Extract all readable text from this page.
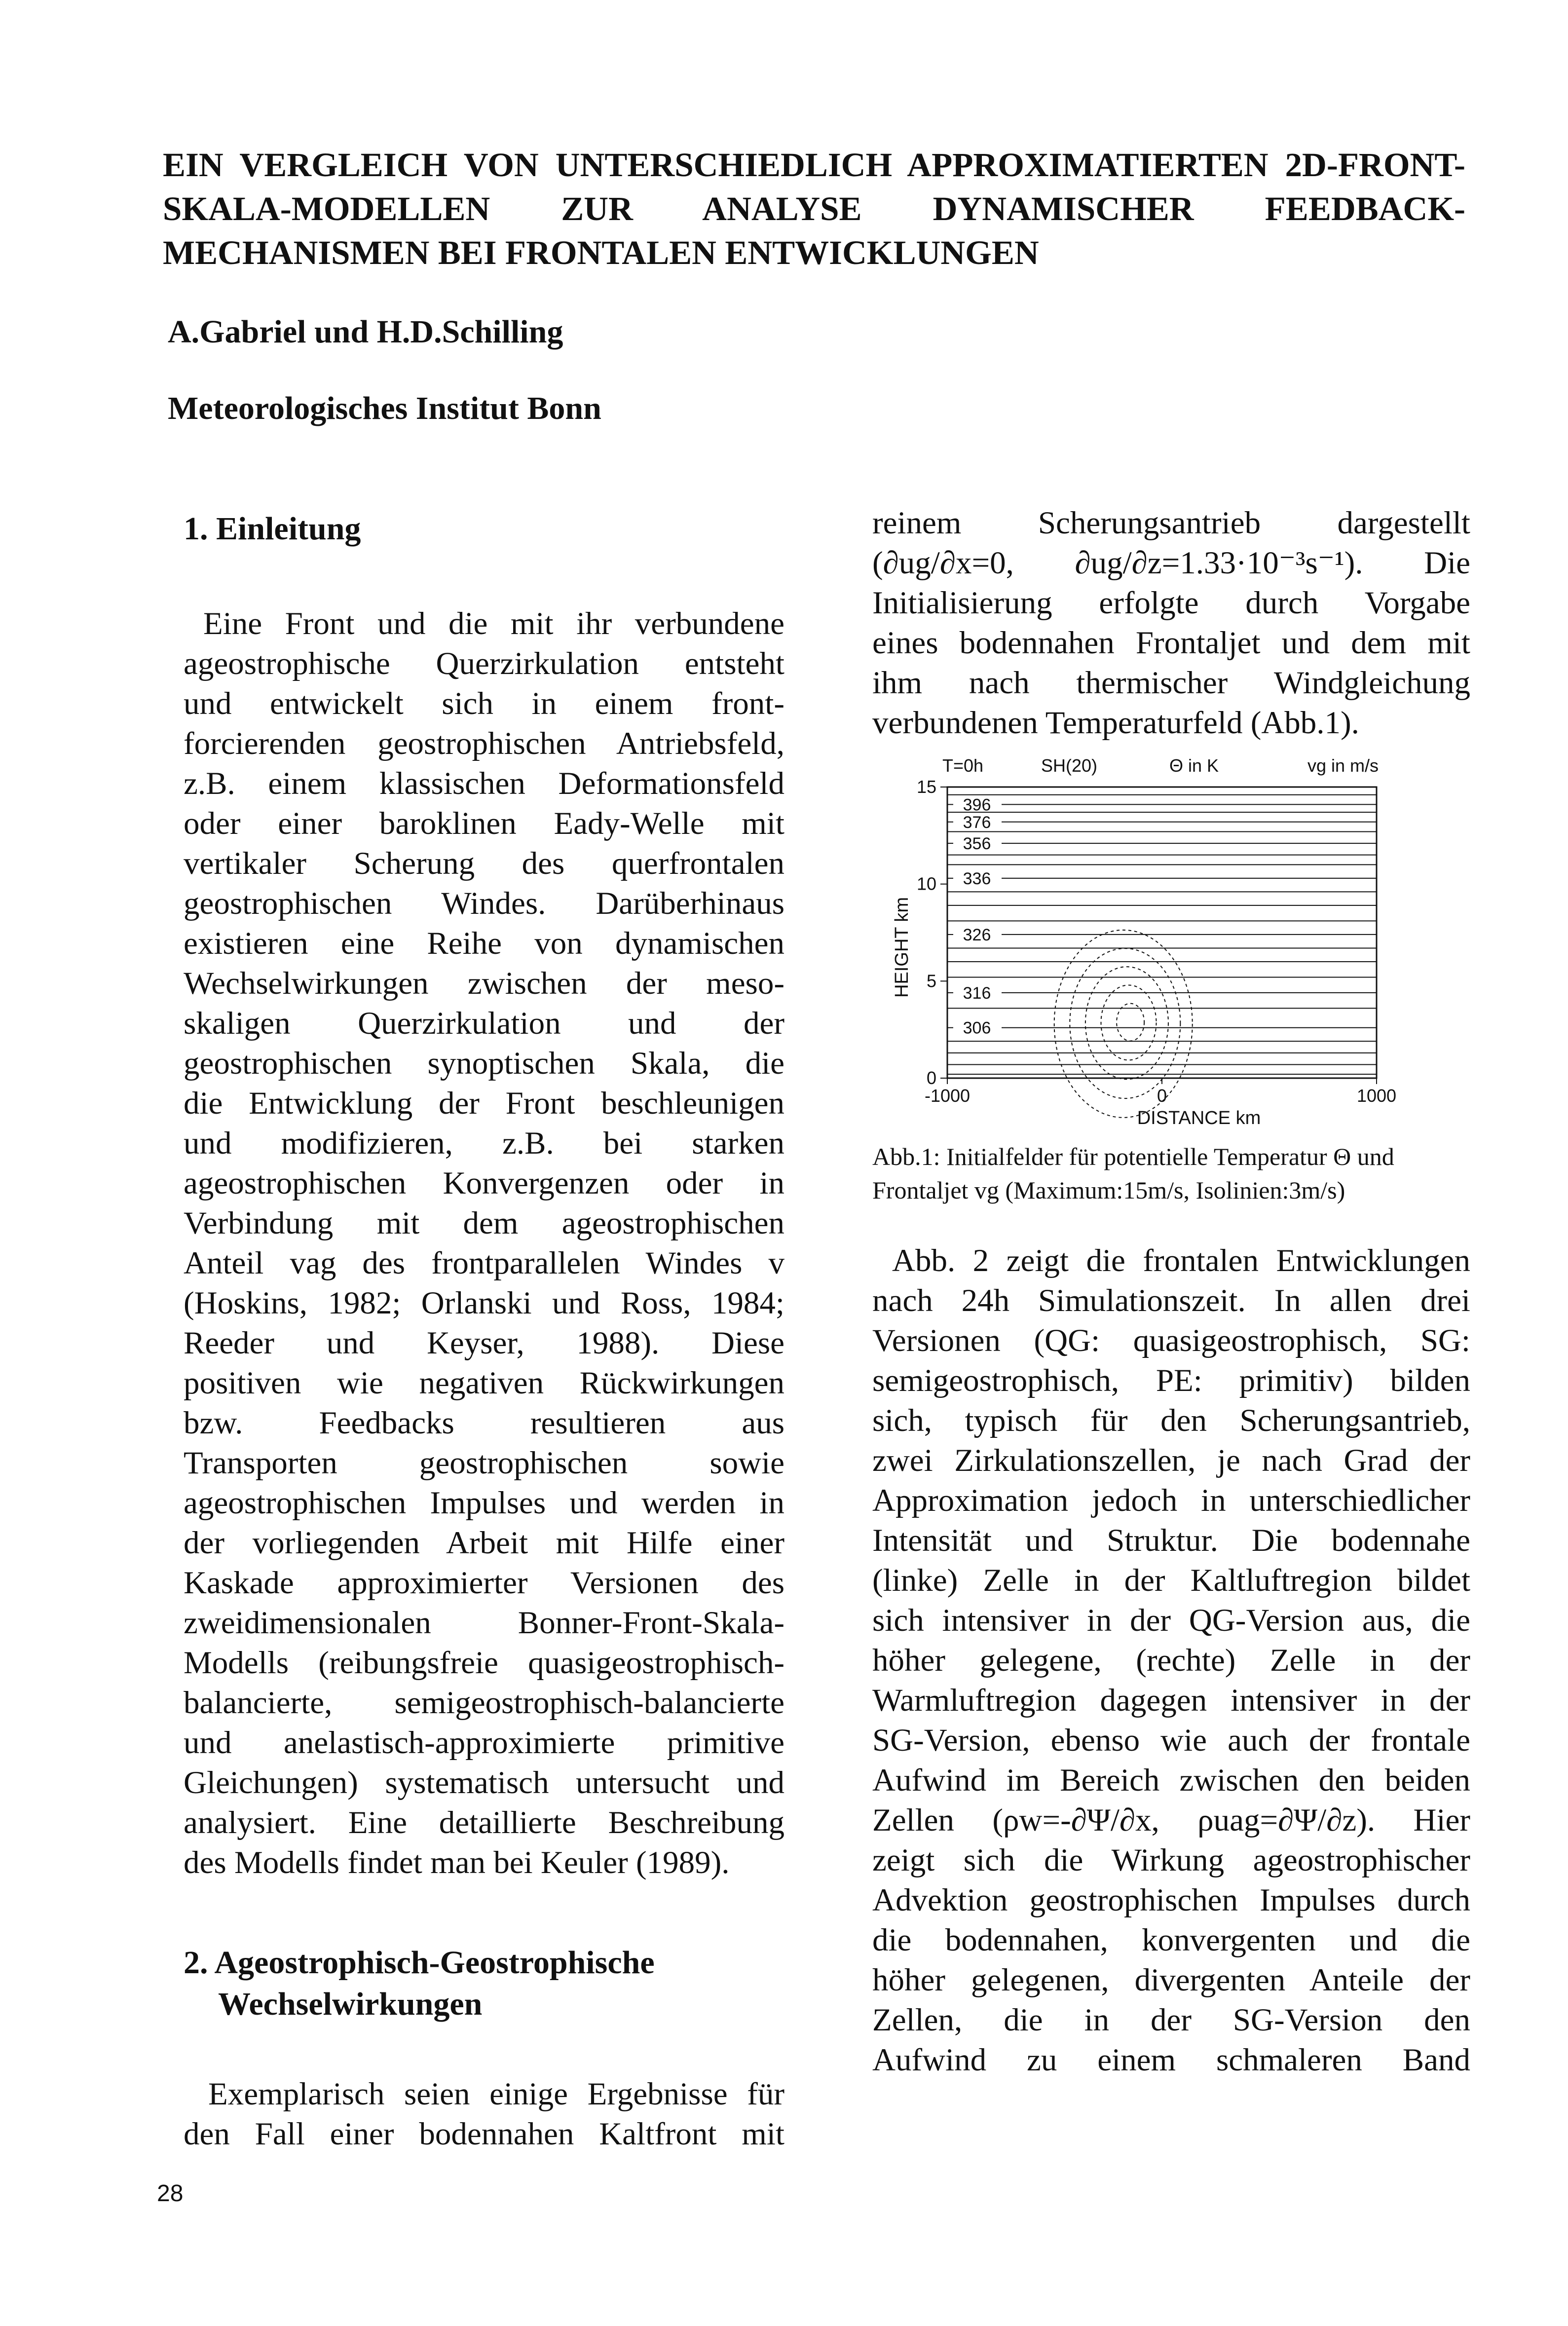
EIN VERGLEICH VON UNTERSCHIEDLICH APPROXIMATIERTEN 2D-FRONT-
SKALA-MODELLEN ZUR ANALYSE DYNAMISCHER FEEDBACK-
MECHANISMEN BEI FRONTALEN ENTWICKLUNGEN

A.Gabriel und H.D.Schilling

Meteorologisches Institut Bonn

1. Einleitung

Eine Front und die mit ihr verbundene
ageostrophische Querzirkulation entsteht
und entwickelt sich in einem front-
forcierenden geostrophischen Antriebsfeld,
z.B. einem klassischen Deformationsfeld
oder einer baroklinen Eady-Welle mit
vertikaler Scherung des querfrontalen
geostrophischen Windes. Darüberhinaus
existieren eine Reihe von dynamischen
Wechselwirkungen zwischen der meso-
skaligen Querzirkulation und der
geostrophischen synoptischen Skala, die
die Entwicklung der Front beschleunigen
und modifizieren, z.B. bei starken
ageostrophischen Konvergenzen oder in
Verbindung mit dem ageostrophischen
Anteil vag des frontparallelen Windes v
(Hoskins, 1982; Orlanski und Ross, 1984;
Reeder und Keyser, 1988). Diese
positiven wie negativen Rückwirkungen
bzw. Feedbacks resultieren aus
Transporten geostrophischen sowie
ageostrophischen Impulses und werden in
der vorliegenden Arbeit mit Hilfe einer
Kaskade approximierter Versionen des
zweidimensionalen Bonner-Front-Skala-
Modells (reibungsfreie quasigeostrophisch-
balancierte, semigeostrophisch-balancierte
und anelastisch-approximierte primitive
Gleichungen) systematisch untersucht und
analysiert. Eine detaillierte Beschreibung
des Modells findet man bei Keuler (1989).

2. Ageostrophisch-Geostrophische
Wechselwirkungen

Exemplarisch seien einige Ergebnisse für
den Fall einer bodennahen Kaltfront mit

reinem Scherungsantrieb dargestellt
(∂ug/∂x=0, ∂ug/∂z=1.33·10⁻³s⁻¹). Die
Initialisierung erfolgte durch Vorgabe
eines bodennahen Frontaljet und dem mit
ihm nach thermischer Windgleichung
verbundenen Temperaturfeld (Abb.1).

T=0h	SH(20)	Θ in K	vg in m/s
396
376
356
336
326
316
306
-1000	0	1000
0
5
10
15
DISTANCE km
HEIGHT km
Abb.1: Initialfelder für potentielle Temperatur Θ und
Frontaljet vg (Maximum:15m/s, Isolinien:3m/s)

Abb. 2 zeigt die frontalen Entwicklungen
nach 24h Simulationszeit. In allen drei
Versionen (QG: quasigeostrophisch, SG:
semigeostrophisch, PE: primitiv) bilden
sich, typisch für den Scherungsantrieb,
zwei Zirkulationszellen, je nach Grad der
Approximation jedoch in unterschiedlicher
Intensität und Struktur. Die bodennahe
(linke) Zelle in der Kaltluftregion bildet
sich intensiver in der QG-Version aus, die
höher gelegene, (rechte) Zelle in der
Warmluftregion dagegen intensiver in der
SG-Version, ebenso wie auch der frontale
Aufwind im Bereich zwischen den beiden
Zellen (ρw=-∂Ψ/∂x, ρuag=∂Ψ/∂z). Hier
zeigt sich die Wirkung ageostrophischer
Advektion geostrophischen Impulses durch
die bodennahen, konvergenten und die
höher gelegenen, divergenten Anteile der
Zellen, die in der SG-Version den
Aufwind zu einem schmaleren Band

28
